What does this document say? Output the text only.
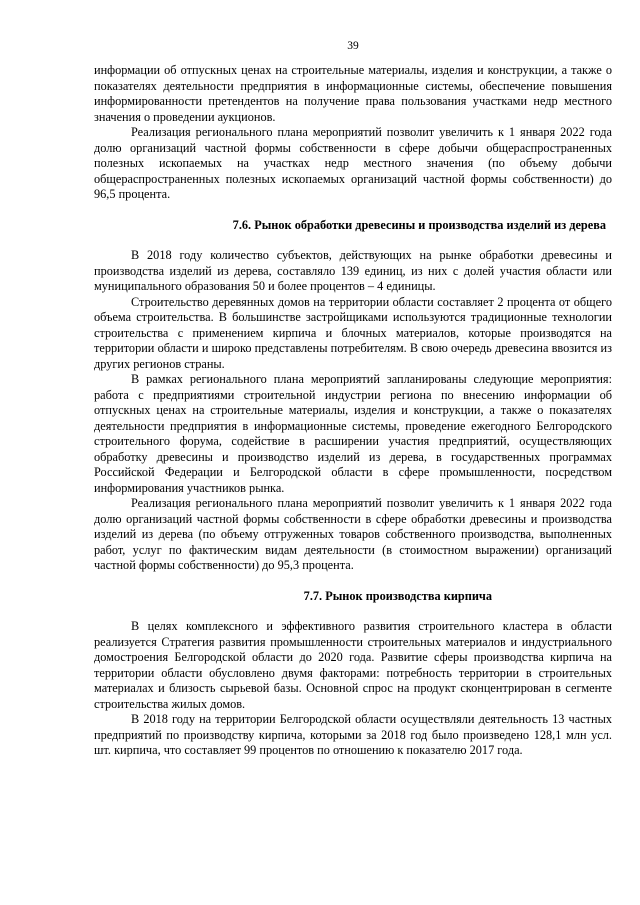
39

информации об отпускных ценах на строительные материалы, изделия и конструкции, а также о показателях деятельности предприятия в информационные системы, обеспечение повышения информированности претендентов на получение права пользования участками недр местного значения о проведении аукционов.

Реализация регионального плана мероприятий позволит увеличить к 1 января 2022 года долю организаций частной формы собственности в сфере добычи общераспространенных полезных ископаемых на участках недр местного значения (по объему добычи общераспространенных полезных ископаемых организаций частной формы собственности) до 96,5 процента.

7.6. Рынок обработки древесины и производства изделий из дерева

В 2018 году количество субъектов, действующих на рынке обработки древесины и производства изделий из дерева, составляло 139 единиц, из них с долей участия области или муниципального образования 50 и более процентов – 4 единицы.

Строительство деревянных домов на территории области составляет 2 процента от общего объема строительства. В большинстве застройщиками используются традиционные технологии строительства с применением кирпича и блочных материалов, которые производятся на территории области и широко представлены потребителям. В свою очередь древесина ввозится из других регионов страны.

В рамках регионального плана мероприятий запланированы следующие мероприятия: работа с предприятиями строительной индустрии региона по внесению информации об отпускных ценах на строительные материалы, изделия и конструкции, а также о показателях деятельности предприятия в информационные системы, проведение ежегодного Белгородского строительного форума, содействие в расширении участия предприятий, осуществляющих обработку древесины и производство изделий из дерева, в государственных программах Российской Федерации и Белгородской области в сфере промышленности, посредством информирования участников рынка.

Реализация регионального плана мероприятий позволит увеличить к 1 января 2022 года долю организаций частной формы собственности в сфере обработки древесины и производства изделий из дерева (по объему отгруженных товаров собственного производства, выполненных работ, услуг по фактическим видам деятельности (в стоимостном выражении) организаций частной формы собственности) до 95,3 процента.

7.7. Рынок производства кирпича

В целях комплексного и эффективного развития строительного кластера в области реализуется Стратегия развития промышленности строительных материалов и индустриального домостроения Белгородской области до 2020 года. Развитие сферы производства кирпича на территории области обусловлено двумя факторами: потребность территории в строительных материалах и близость сырьевой базы. Основной спрос на продукт сконцентрирован в сегменте строительства жилых домов.

В 2018 году на территории Белгородской области осуществляли деятельность 13 частных предприятий по производству кирпича, которыми за 2018 год было произведено 128,1 млн усл. шт. кирпича, что составляет 99 процентов по отношению к показателю 2017 года.
